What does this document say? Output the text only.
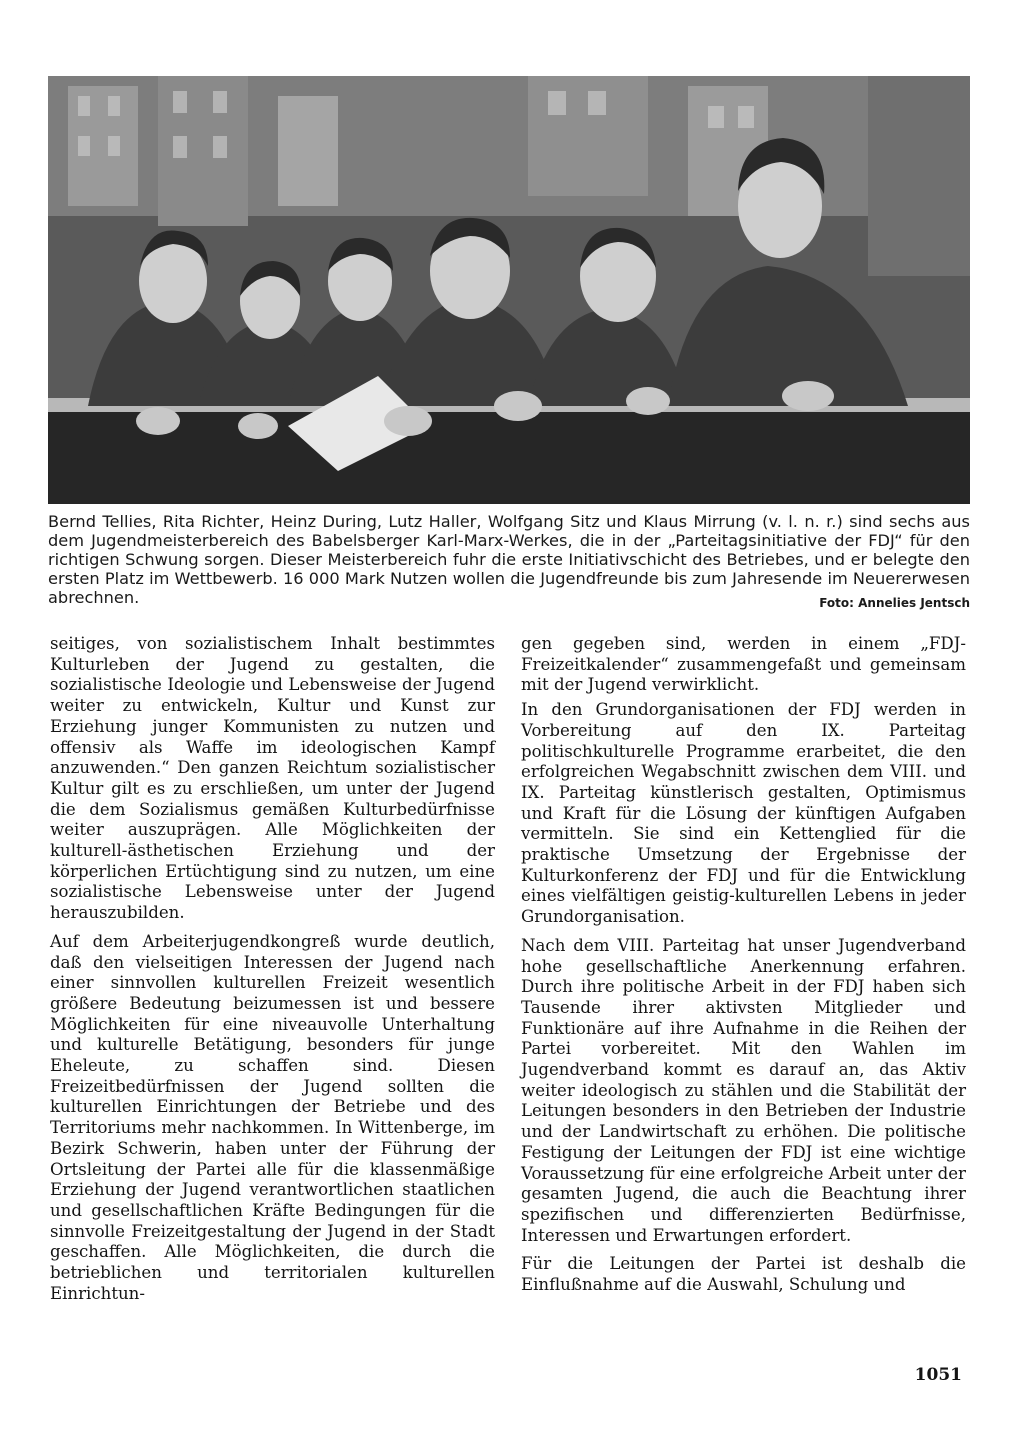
Bernd Tellies, Rita Richter, Heinz During, Lutz Haller, Wolfgang Sitz und Klaus Mirrung (v. l. n. r.) sind sechs aus dem Jugendmeisterbereich des Babelsberger Karl-Marx-Werkes, die in der „Parteitagsinitiative der FDJ“ für den richtigen Schwung sorgen. Dieser Meisterbereich fuhr die erste Initiativschicht des Betriebes, und er belegte den ersten Platz im Wettbewerb. 16 000 Mark Nutzen wollen die Jugendfreunde bis zum Jahresende im Neuererwesen abrechnen.	Foto: Annelies Jentsch

seitiges, von sozialistischem Inhalt bestimmtes Kulturleben der Jugend zu gestalten, die sozialistische Ideologie und Lebensweise der Jugend weiter zu entwickeln, Kultur und Kunst zur Erziehung junger Kommunisten zu nutzen und offensiv als Waffe im ideologischen Kampf anzuwenden.“ Den ganzen Reichtum sozialistischer Kultur gilt es zu erschließen, um unter der Jugend die dem Sozialismus gemäßen Kulturbedürfnisse weiter auszuprägen. Alle Möglichkeiten der kulturell-ästhetischen Erziehung und der körperlichen Ertüchtigung sind zu nutzen, um eine sozialistische Lebensweise unter der Jugend herauszubilden.

Auf dem Arbeiterjugendkongreß wurde deutlich, daß den vielseitigen Interessen der Jugend nach einer sinnvollen kulturellen Freizeit wesentlich größere Bedeutung beizumessen ist und bessere Möglichkeiten für eine niveauvolle Unterhaltung und kulturelle Betätigung, besonders für junge Eheleute, zu schaffen sind. Diesen Freizeitbedürfnissen der Jugend sollten die kulturellen Einrichtungen der Betriebe und des Territoriums mehr nachkommen. In Wittenberge, im Bezirk Schwerin, haben unter der Führung der Ortsleitung der Partei alle für die klassenmäßige Erziehung der Jugend verantwortlichen staatlichen und gesellschaftlichen Kräfte Bedingungen für die sinnvolle Freizeitgestaltung der Jugend in der Stadt geschaffen. Alle Möglichkeiten, die durch die betrieblichen und territorialen kulturellen Einrichtun-

gen gegeben sind, werden in einem „FDJ-Freizeitkalender“ zusammengefaßt und gemeinsam mit der Jugend verwirklicht.

In den Grundorganisationen der FDJ werden in Vorbereitung auf den IX. Parteitag politischkulturelle Programme erarbeitet, die den erfolgreichen Wegabschnitt zwischen dem VIII. und IX. Parteitag künstlerisch gestalten, Optimismus und Kraft für die Lösung der künftigen Aufgaben vermitteln. Sie sind ein Kettenglied für die praktische Umsetzung der Ergebnisse der Kulturkonferenz der FDJ und für die Entwicklung eines vielfältigen geistig-kulturellen Lebens in jeder Grundorganisation.

Nach dem VIII. Parteitag hat unser Jugendverband hohe gesellschaftliche Anerkennung erfahren. Durch ihre politische Arbeit in der FDJ haben sich Tausende ihrer aktivsten Mitglieder und Funktionäre auf ihre Aufnahme in die Reihen der Partei vorbereitet. Mit den Wahlen im Jugendverband kommt es darauf an, das Aktiv weiter ideologisch zu stählen und die Stabilität der Leitungen besonders in den Betrieben der Industrie und der Landwirtschaft zu erhöhen. Die politische Festigung der Leitungen der FDJ ist eine wichtige Voraussetzung für eine erfolgreiche Arbeit unter der gesamten Jugend, die auch die Beachtung ihrer spezifischen und differenzierten Bedürfnisse, Interessen und Erwartungen erfordert.

Für die Leitungen der Partei ist deshalb die Einflußnahme auf die Auswahl, Schulung und

1051
